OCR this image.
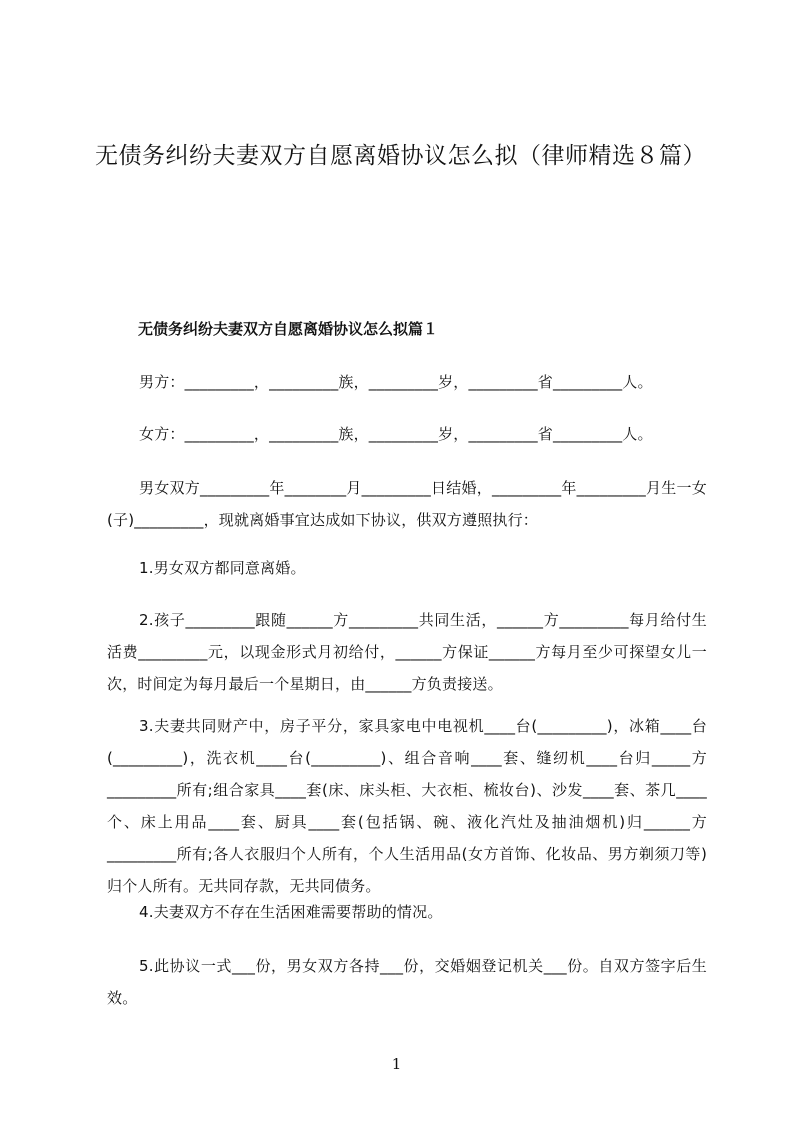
无债务纠纷夫妻双方自愿离婚协议怎么拟（律师精选８篇）
无债务纠纷夫妻双方自愿离婚协议怎么拟篇１
男方：_________，_________族，_________岁，_________省_________人。
女方：_________，_________族，_________岁，_________省_________人。
男女双方_________年________月_________日结婚，_________年_________月生一女(子)_________，现就离婚事宜达成如下协议，供双方遵照执行：
1.男女双方都同意离婚。
2.孩子_________跟随______方_________共同生活，______方_________每月给付生活费_________元，以现金形式月初给付，______方保证______方每月至少可探望女儿一次，时间定为每月最后一个星期日，由______方负责接送。
3.夫妻共同财产中，房子平分，家具家电中电视机____台(_________)，冰箱____台(_________)，洗衣机____台(_________)、组合音响____套、缝纫机____台归_____方_________所有;组合家具____套(床、床头柜、大衣柜、梳妆台)、沙发____套、茶几____个、床上用品____套、厨具____套(包括锅、碗、液化汽灶及抽油烟机)归______方_________所有;各人衣服归个人所有，个人生活用品(女方首饰、化妆品、男方剃须刀等)归个人所有。无共同存款，无共同债务。
4.夫妻双方不存在生活困难需要帮助的情况。
5.此协议一式___份，男女双方各持___份，交婚姻登记机关___份。自双方签字后生效。
1
